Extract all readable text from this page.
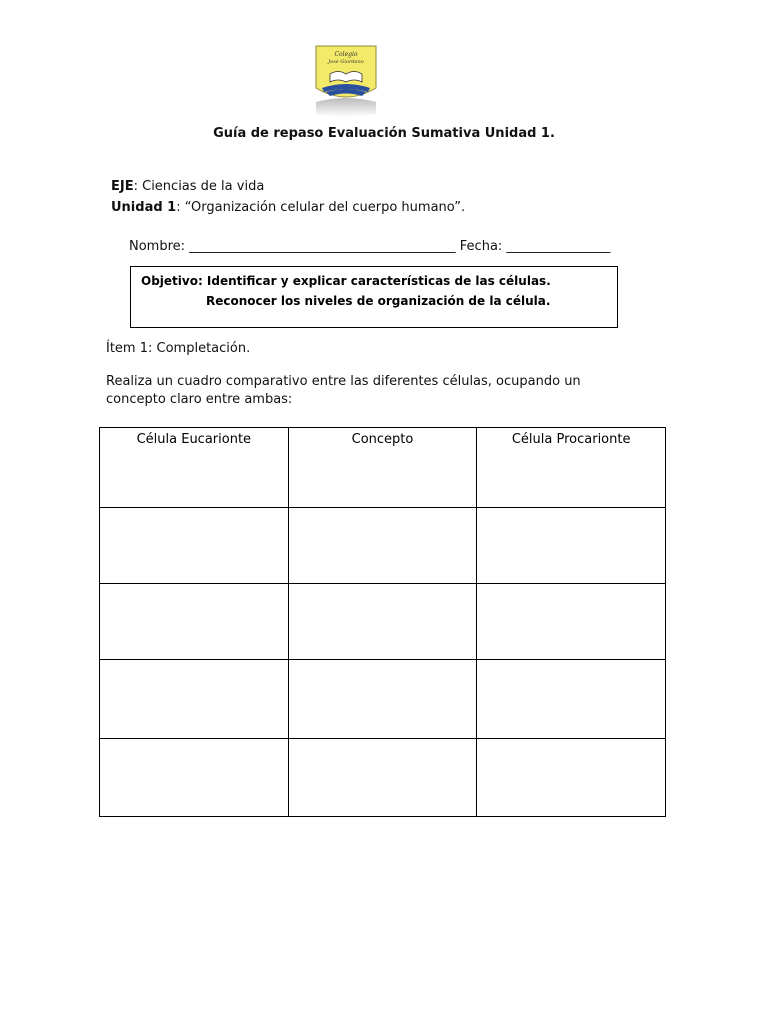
Colegio
José Giordano
Guía de repaso Evaluación Sumativa Unidad 1.
EJE: Ciencias de la vida
Unidad 1: “Organización celular del cuerpo humano”.
Nombre: _________________________________________ Fecha: ________________
Objetivo: Identificar y explicar características de las células.
Reconocer los niveles de organización de la célula.
Ítem 1: Completación.
Realiza un cuadro comparativo entre las diferentes células, ocupando un
concepto claro entre ambas:
Célula Eucarionte	Concepto	Célula Procarionte
